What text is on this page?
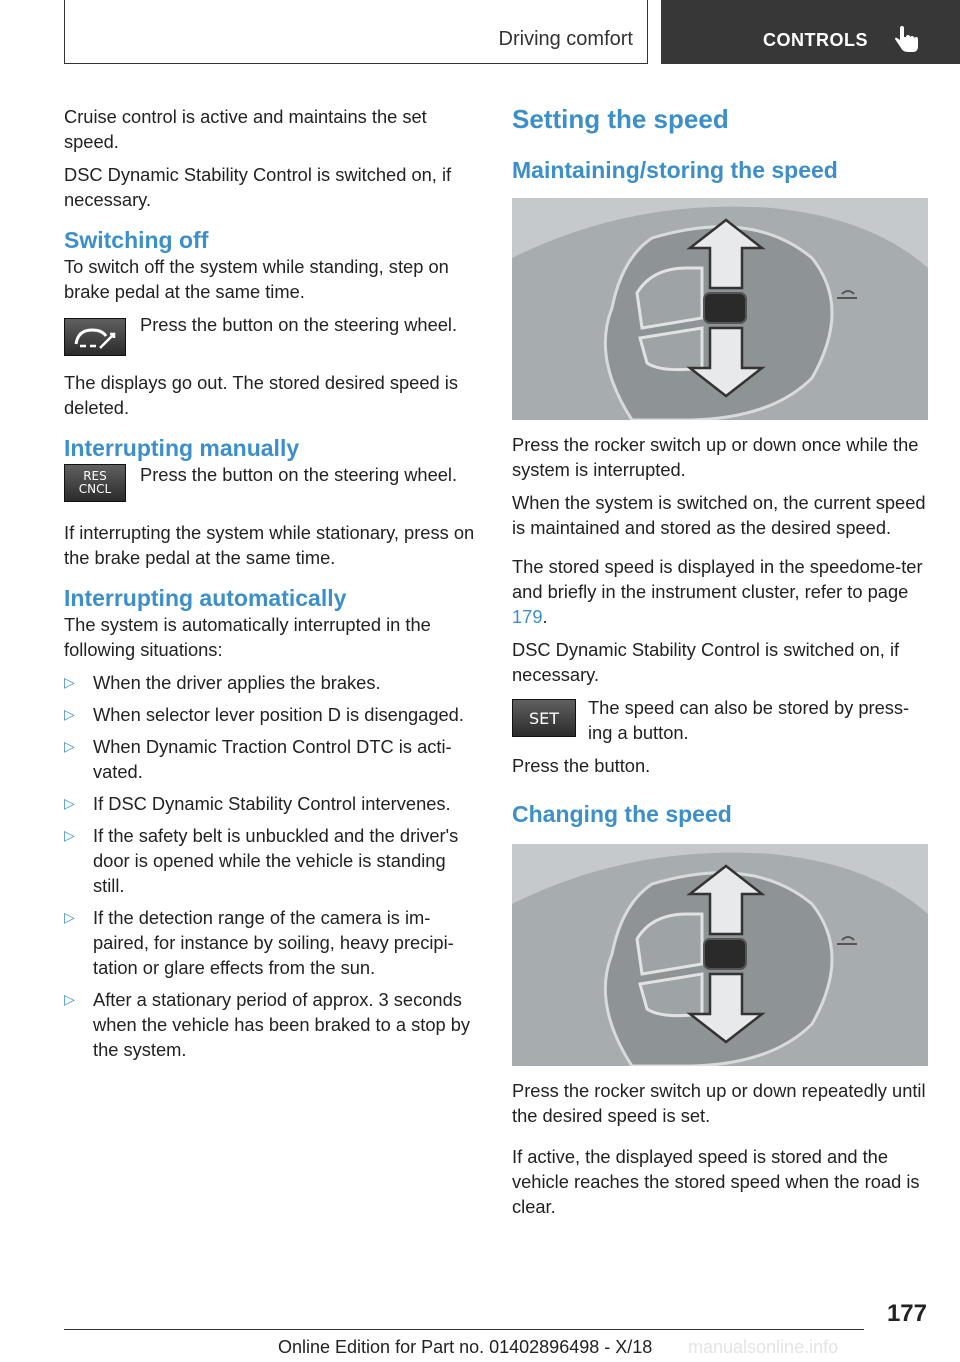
Driving comfort	CONTROLS

Cruise control is active and maintains the set speed.

DSC Dynamic Stability Control is switched on, if necessary.

Switching off

To switch off the system while standing, step on brake pedal at the same time.

Press the button on the steering wheel.

The displays go out. The stored desired speed is deleted.

Interrupting manually
RES
CNCL

Press the button on the steering wheel.

If interrupting the system while stationary, press on the brake pedal at the same time.

Interrupting automatically

The system is automatically interrupted in the following situations:

▷ When the driver applies the brakes.
▷ When selector lever position D is disengaged.
▷ When Dynamic Traction Control DTC is acti‐vated.
▷ If DSC Dynamic Stability Control intervenes.
▷ If the safety belt is unbuckled and the driver's door is opened while the vehicle is standing still.
▷ If the detection range of the camera is im‐paired, for instance by soiling, heavy precipi‐tation or glare effects from the sun.
▷ After a stationary period of approx. 3 seconds when the vehicle has been braked to a stop by the system.
Setting the speed
Maintaining/storing the speed

Press the rocker switch up or down once while the system is interrupted.

When the system is switched on, the current speed is maintained and stored as the desired speed.

The stored speed is displayed in the speedome‐ter and briefly in the instrument cluster, refer to page 179.

DSC Dynamic Stability Control is switched on, if necessary.

SET	The speed can also be stored by press‐ing a button.

Press the button.

Changing the speed

Press the rocker switch up or down repeatedly until the desired speed is set.

If active, the displayed speed is stored and the vehicle reaches the stored speed when the road is clear.

177
Online Edition for Part no. 01402896498 - X/18 manualsonline.info
